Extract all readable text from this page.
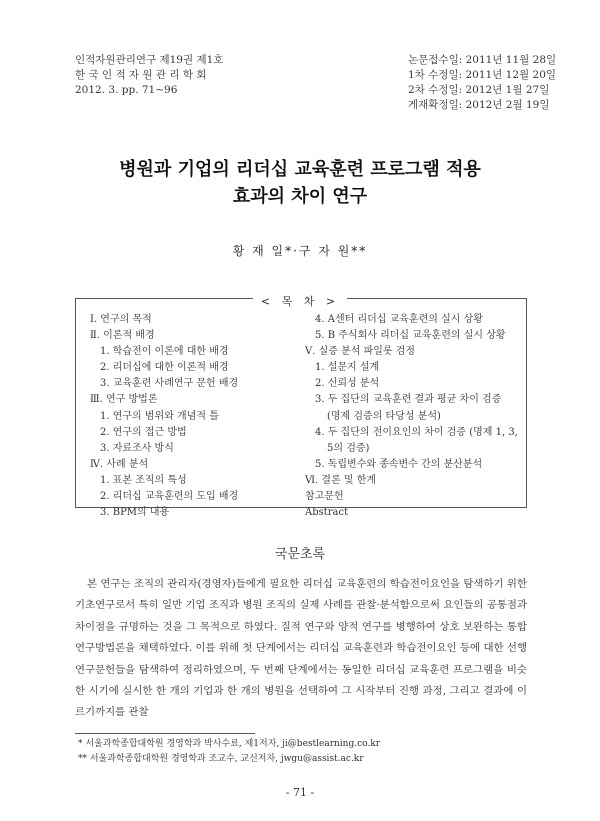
인적자원관리연구 제19권 제1호
한 국 인 적 자 원 관 리 학 회
2012. 3. pp. 71~96
논문접수일: 2011년 11월 28일
1차 수정일: 2011년 12월 20일
2차 수정일: 2012년 1월 27일
게재확정일: 2012년 2월 19일
병원과 기업의 리더십 교육훈련 프로그램 적용
효과의 차이 연구
황 재 일*·구 자 원**
< 목 차 >
Ⅰ. 연구의 목적
Ⅱ. 이론적 배경
1. 학습전이 이론에 대한 배경
2. 리더십에 대한 이론적 배경
3. 교육훈련 사례연구 문헌 배경
Ⅲ. 연구 방법론
1. 연구의 범위와 개념적 틀
2. 연구의 접근 방법
3. 자료조사 방식
Ⅳ. 사례 분석
1. 표본 조직의 특성
2. 리더십 교육훈련의 도입 배경
3. BPM의 내용
4. A센터 리더십 교육훈련의 실시 상황
5. B 주식회사 리더십 교육훈련의 실시 상황
Ⅴ. 실증 분석 파일롯 검정
1. 설문지 설계
2. 신뢰성 분석
3. 두 집단의 교육훈련 결과 평균 차이 검증
(명제 검증의 타당성 분석)
4. 두 집단의 전이요인의 차이 검증 (명제 1, 3,
5의 검증)
5. 독립변수와 종속변수 간의 분산분석
Ⅵ. 결론 및 한계
참고문헌
Abstract
국문초록

본 연구는 조직의 관리자(경영자)들에게 필요한 리더십 교육훈련의 학습전이요인을 탐색하기 위한 기초연구로서 특히 일반 기업 조직과 병원 조직의 실제 사례를 관찰·분석함으로써 요인들의 공통점과 차이점을 규명하는 것을 그 목적으로 하였다. 질적 연구와 양적 연구를 병행하여 상호 보완하는 통합연구방법론을 채택하였다. 이를 위해 첫 단계에서는 리더십 교육훈련과 학습전이요인 등에 대한 선행연구문헌들을 탐색하여 정리하였으며, 두 번째 단계에서는 동일한 리더십 교육훈련 프로그램을 비슷한 시기에 실시한 한 개의 기업과 한 개의 병원을 선택하여 그 시작부터 진행 과정, 그리고 결과에 이르기까지를 관찰

* 서울과학종합대학원 경영학과 박사수료, 제1저자, ji@bestlearning.co.kr
** 서울과학종합대학원 경영학과 조교수, 교신저자, jwgu@assist.ac.kr
- 71 -
